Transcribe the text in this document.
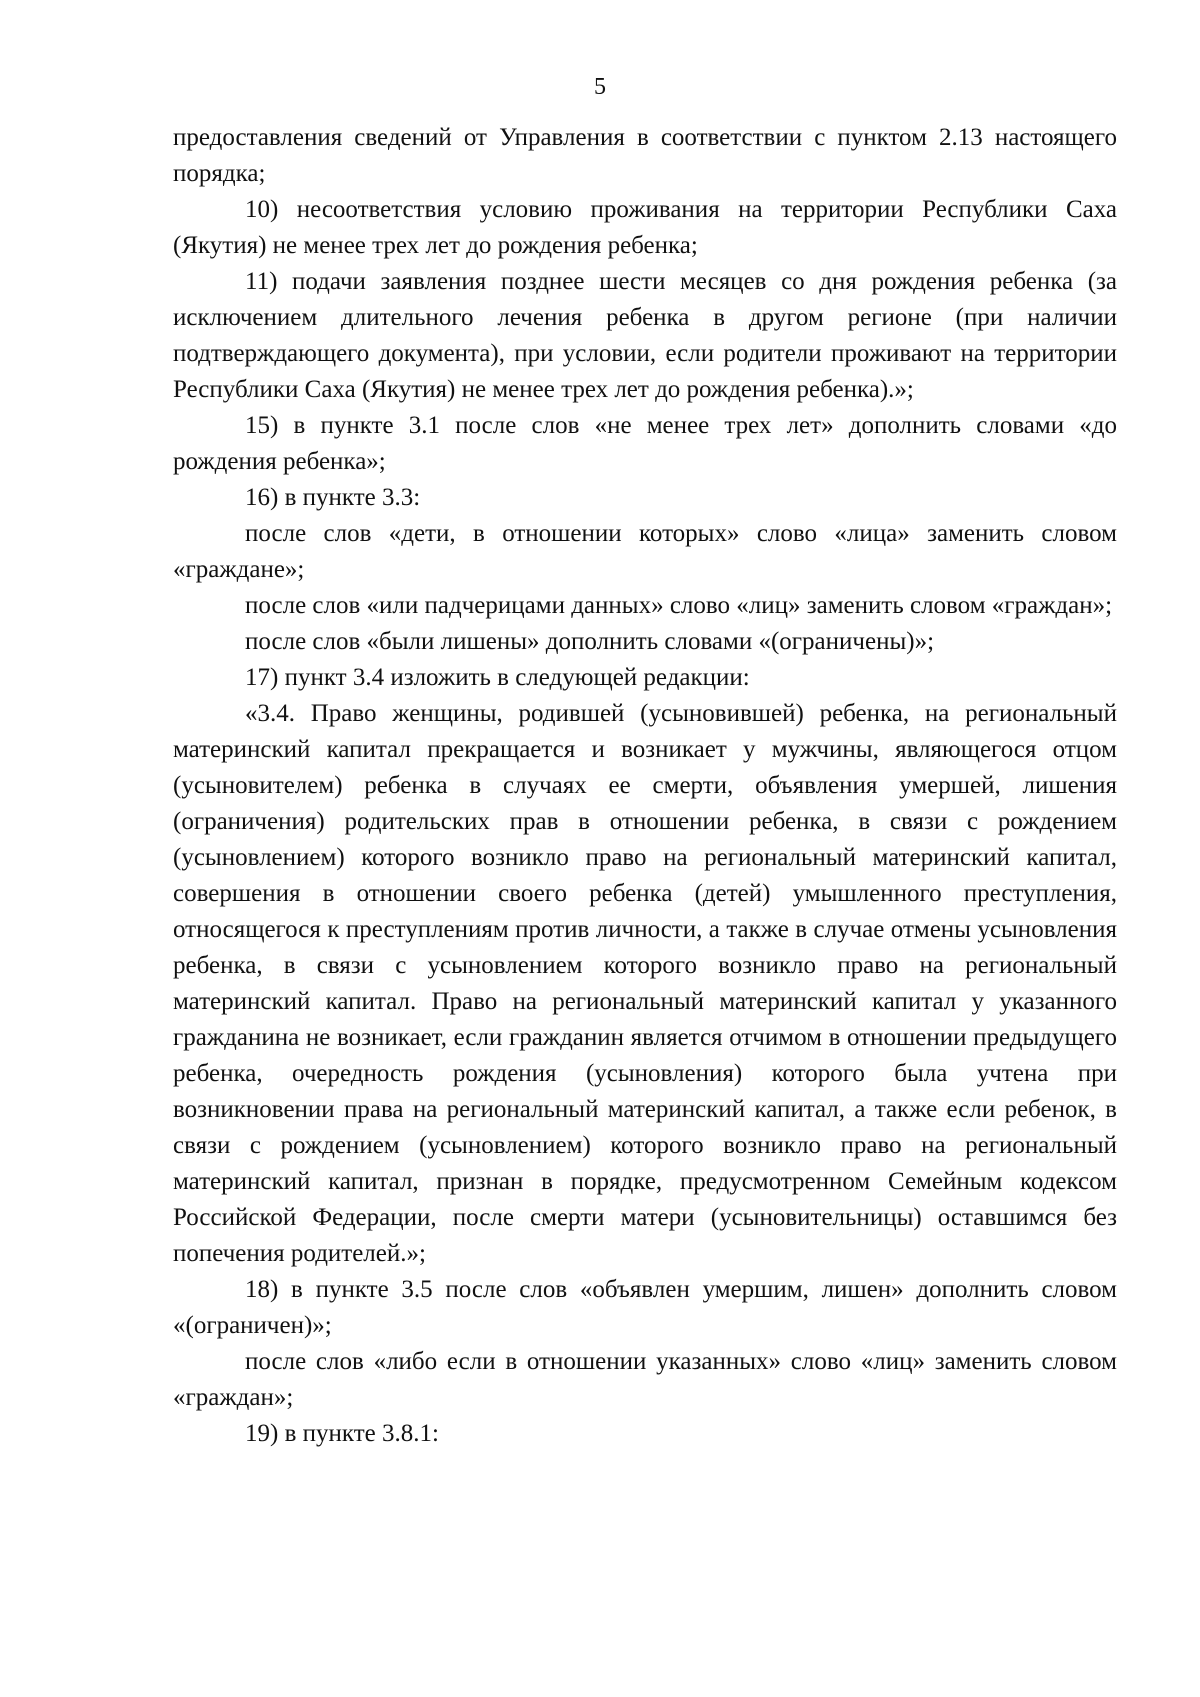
5

предоставления сведений от Управления в соответствии с пунктом 2.13 настоящего порядка;

10) несоответствия условию проживания на территории Республики Саха (Якутия) не менее трех лет до рождения ребенка;

11) подачи заявления позднее шести месяцев со дня рождения ребенка (за исключением длительного лечения ребенка в другом регионе (при наличии подтверждающего документа), при условии, если родители проживают на территории Республики Саха (Якутия) не менее трех лет до рождения ребенка).»;

15) в пункте 3.1 после слов «не менее трех лет» дополнить словами «до рождения ребенка»;

16) в пункте 3.3:

после слов «дети, в отношении которых» слово «лица» заменить словом «граждане»;

после слов «или падчерицами данных» слово «лиц» заменить словом «граждан»;

после слов «были лишены» дополнить словами «(ограничены)»;

17) пункт 3.4 изложить в следующей редакции:

«3.4. Право женщины, родившей (усыновившей) ребенка, на региональный материнский капитал прекращается и возникает у мужчины, являющегося отцом (усыновителем) ребенка в случаях ее смерти, объявления умершей, лишения (ограничения) родительских прав в отношении ребенка, в связи с рождением (усыновлением) которого возникло право на региональный материнский капитал, совершения в отношении своего ребенка (детей) умышленного преступления, относящегося к преступлениям против личности, а также в случае отмены усыновления ребенка, в связи с усыновлением которого возникло право на региональный материнский капитал. Право на региональный материнский капитал у указанного гражданина не возникает, если гражданин является отчимом в отношении предыдущего ребенка, очередность рождения (усыновления) которого была учтена при возникновении права на региональный материнский капитал, а также если ребенок, в связи с рождением (усыновлением) которого возникло право на региональный материнский капитал, признан в порядке, предусмотренном Семейным кодексом Российской Федерации, после смерти матери (усыновительницы) оставшимся без попечения родителей.»;

18) в пункте 3.5 после слов «объявлен умершим, лишен» дополнить словом «(ограничен)»;

после слов «либо если в отношении указанных» слово «лиц» заменить словом «граждан»;

19) в пункте 3.8.1:
